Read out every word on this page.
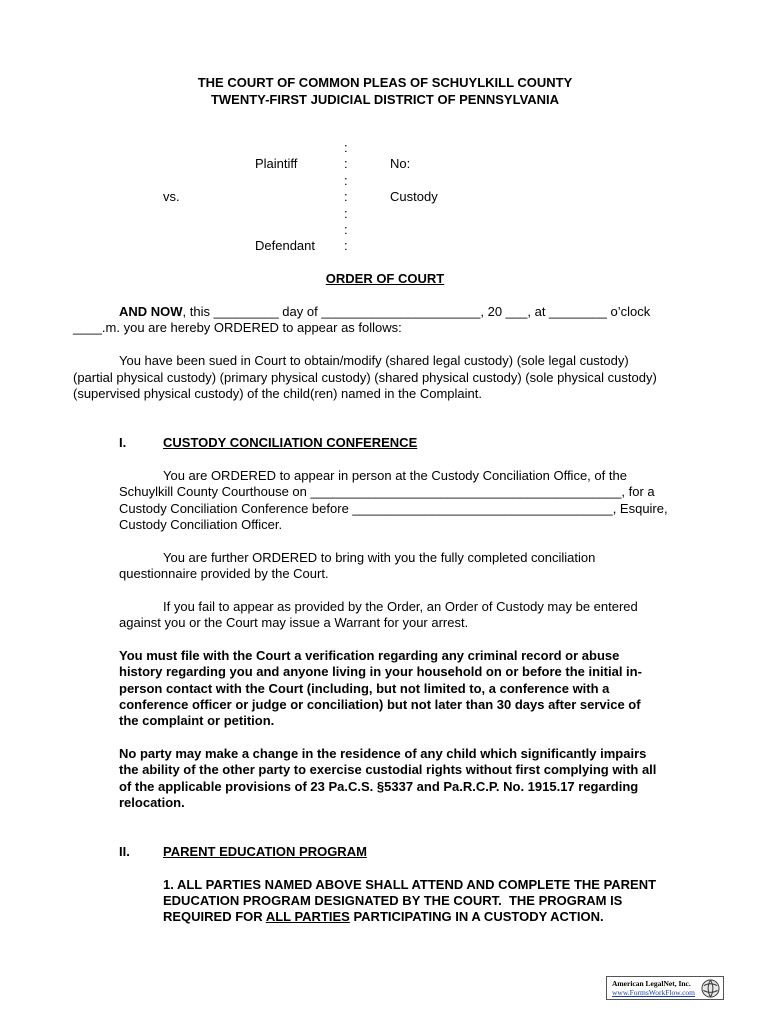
THE COURT OF COMMON PLEAS OF SCHUYLKILL COUNTY
TWENTY-FIRST JUDICIAL DISTRICT OF PENNSYLVANIA
:
Plaintiff	:	No:
:
vs.	:	Custody
:
:
Defendant :
ORDER OF COURT
AND NOW, this _________ day of ______________________, 20 ___, at ________ o’clock
____.m. you are hereby ORDERED to appear as follows:
You have been sued in Court to obtain/modify (shared legal custody) (sole legal custody)
(partial physical custody) (primary physical custody) (shared physical custody) (sole physical custody)
(supervised physical custody) of the child(ren) named in the Complaint.
I.	CUSTODY CONCILIATION CONFERENCE
You are ORDERED to appear in person at the Custody Conciliation Office, of the
Schuylkill County Courthouse on ___________________________________________, for a
Custody Conciliation Conference before ____________________________________, Esquire,
Custody Conciliation Officer.
You are further ORDERED to bring with you the fully completed conciliation
questionnaire provided by the Court.
If you fail to appear as provided by the Order, an Order of Custody may be entered
against you or the Court may issue a Warrant for your arrest.
You must file with the Court a verification regarding any criminal record or abuse
history regarding you and anyone living in your household on or before the initial in-
person contact with the Court (including, but not limited to, a conference with a
conference officer or judge or conciliation) but not later than 30 days after service of
the complaint or petition.
No party may make a change in the residence of any child which significantly impairs
the ability of the other party to exercise custodial rights without first complying with all
of the applicable provisions of 23 Pa.C.S. §5337 and Pa.R.C.P. No. 1915.17 regarding
relocation.
II.	PARENT EDUCATION PROGRAM
1. ALL PARTIES NAMED ABOVE SHALL ATTEND AND COMPLETE THE PARENT
EDUCATION PROGRAM DESIGNATED BY THE COURT.  THE PROGRAM IS
REQUIRED FOR ALL PARTIES PARTICIPATING IN A CUSTODY ACTION.
American LegalNet, Inc.
www.FormsWorkFlow.com
